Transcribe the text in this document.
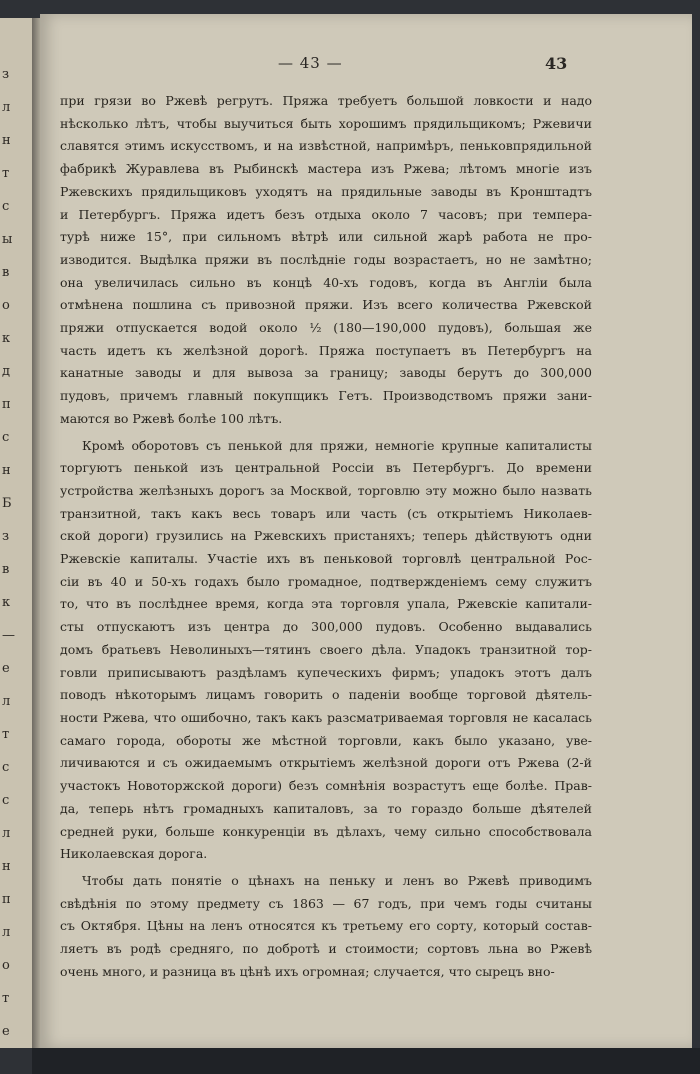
з
л
н
т
с
ы
в
о
к
д
п
с
н
Б
з
в
к
—
е
л
т
с
с
л
н
п
л
о
т
е
— 43 —	43
при грязи во Ржевѣ регрутъ. Пряжа требуетъ большой ловкости и надо
нѣсколько лѣтъ, чтобы выучиться быть хорошимъ прядильщикомъ; Ржевичи
славятся этимъ искусствомъ, и на извѣстной, напримѣръ, пеньковпрядильной
фабрикѣ Журавлева въ Рыбинскѣ мастера изъ Ржева; лѣтомъ многіе изъ
Ржевскихъ прядильщиковъ уходятъ на прядильные заводы въ Кронштадтъ
и Петербургъ. Пряжа идетъ безъ отдыха около 7 часовъ; при темпера-
турѣ ниже 15°, при сильномъ вѣтрѣ или сильной жарѣ работа не про-
изводится. Выдѣлка пряжи въ послѣдніе годы возрастаетъ, но не замѣтно;
она увеличилась сильно въ концѣ 40-хъ годовъ, когда въ Англіи была
отмѣнена пошлина съ привозной пряжи. Изъ всего количества Ржевской
пряжи отпускается водой около ½ (180—190,000 пудовъ), большая же
часть идетъ къ желѣзной дорогѣ. Пряжа поступаетъ въ Петербургъ на
канатные заводы и для вывоза за границу; заводы берутъ до 300,000
пудовъ, причемъ главный покупщикъ Гетъ. Производствомъ пряжи зани-
маются во Ржевѣ болѣе 100 лѣтъ.
Кромѣ оборотовъ съ пенькой для пряжи, немногіе крупные капиталисты
торгуютъ пенькой изъ центральной Россіи въ Петербургъ. До времени
устройства желѣзныхъ дорогъ за Москвой, торговлю эту можно было назвать
транзитной, такъ какъ весь товаръ или часть (съ открытіемъ Николаев-
ской дороги) грузились на Ржевскихъ пристаняхъ; теперь дѣйствуютъ одни
Ржевскіе капиталы. Участіе ихъ въ пеньковой торговлѣ центральной Рос-
сіи въ 40 и 50-хъ годахъ было громадное, подтвержденіемъ сему служитъ
то, что въ послѣднее время, когда эта торговля упала, Ржевскіе капитали-
сты отпускаютъ изъ центра до 300,000 пудовъ. Особенно выдавались
домъ братьевъ Неволиныхъ—тятинъ своего дѣла. Упадокъ транзитной тор-
говли приписываютъ раздѣламъ купеческихъ фирмъ; упадокъ этотъ далъ
поводъ нѣкоторымъ лицамъ говорить о паденіи вообще торговой дѣятель-
ности Ржева, что ошибочно, такъ какъ разсматриваемая торговля не касалась
самаго города, обороты же мѣстной торговли, какъ было указано, уве-
личиваются и съ ожидаемымъ открытіемъ желѣзной дороги отъ Ржева (2-й
участокъ Новоторжской дороги) безъ сомнѣнія возрастутъ еще болѣе. Прав-
да, теперь нѣтъ громадныхъ капиталовъ, за то гораздо больше дѣятелей
средней руки, больше конкуренціи въ дѣлахъ, чему сильно способствовала
Николаевская дорога.
Чтобы дать понятіе о цѣнахъ на пеньку и ленъ во Ржевѣ приводимъ
свѣдѣнія по этому предмету съ 1863 — 67 годъ, при чемъ годы считаны
съ Октября. Цѣны на ленъ относятся къ третьему его сорту, который состав-
ляетъ въ родѣ средняго, по добротѣ и стоимости; сортовъ льна во Ржевѣ
очень много, и разница въ цѣнѣ ихъ огромная; случается, что сырецъ вно-
